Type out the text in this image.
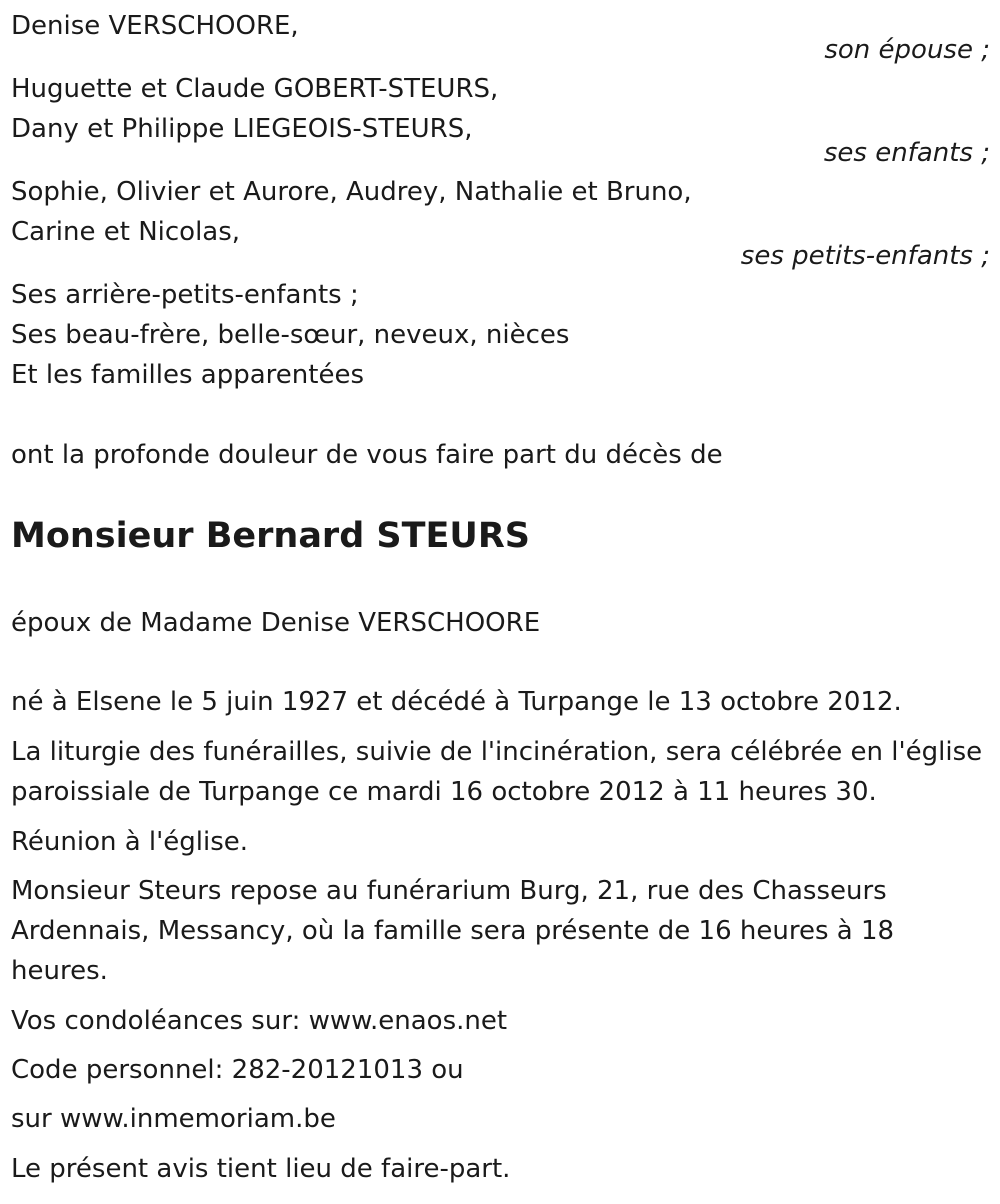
Denise VERSCHOORE,

son épouse ;

Huguette et Claude GOBERT-STEURS,

Dany et Philippe LIEGEOIS-STEURS,

ses enfants ;

Sophie, Olivier et Aurore, Audrey, Nathalie et Bruno,

Carine et Nicolas,

ses petits-enfants ;

Ses arrière-petits-enfants ;

Ses beau-frère, belle-sœur, neveux, nièces

Et les familles apparentées

ont la profonde douleur de vous faire part du décès de

Monsieur Bernard STEURS

époux de Madame Denise VERSCHOORE

né à Elsene le 5 juin 1927 et décédé à Turpange le 13 octobre 2012.

La liturgie des funérailles, suivie de l'incinération, sera célébrée en l'église

paroissiale de Turpange ce mardi 16 octobre 2012 à 11 heures 30.

Réunion à l'église.

Monsieur Steurs repose au funérarium Burg, 21, rue des Chasseurs

Ardennais, Messancy, où la famille sera présente de 16 heures à 18

heures.

Vos condoléances sur: www.enaos.net

Code personnel: 282-20121013 ou

sur www.inmemoriam.be

Le présent avis tient lieu de faire-part.
